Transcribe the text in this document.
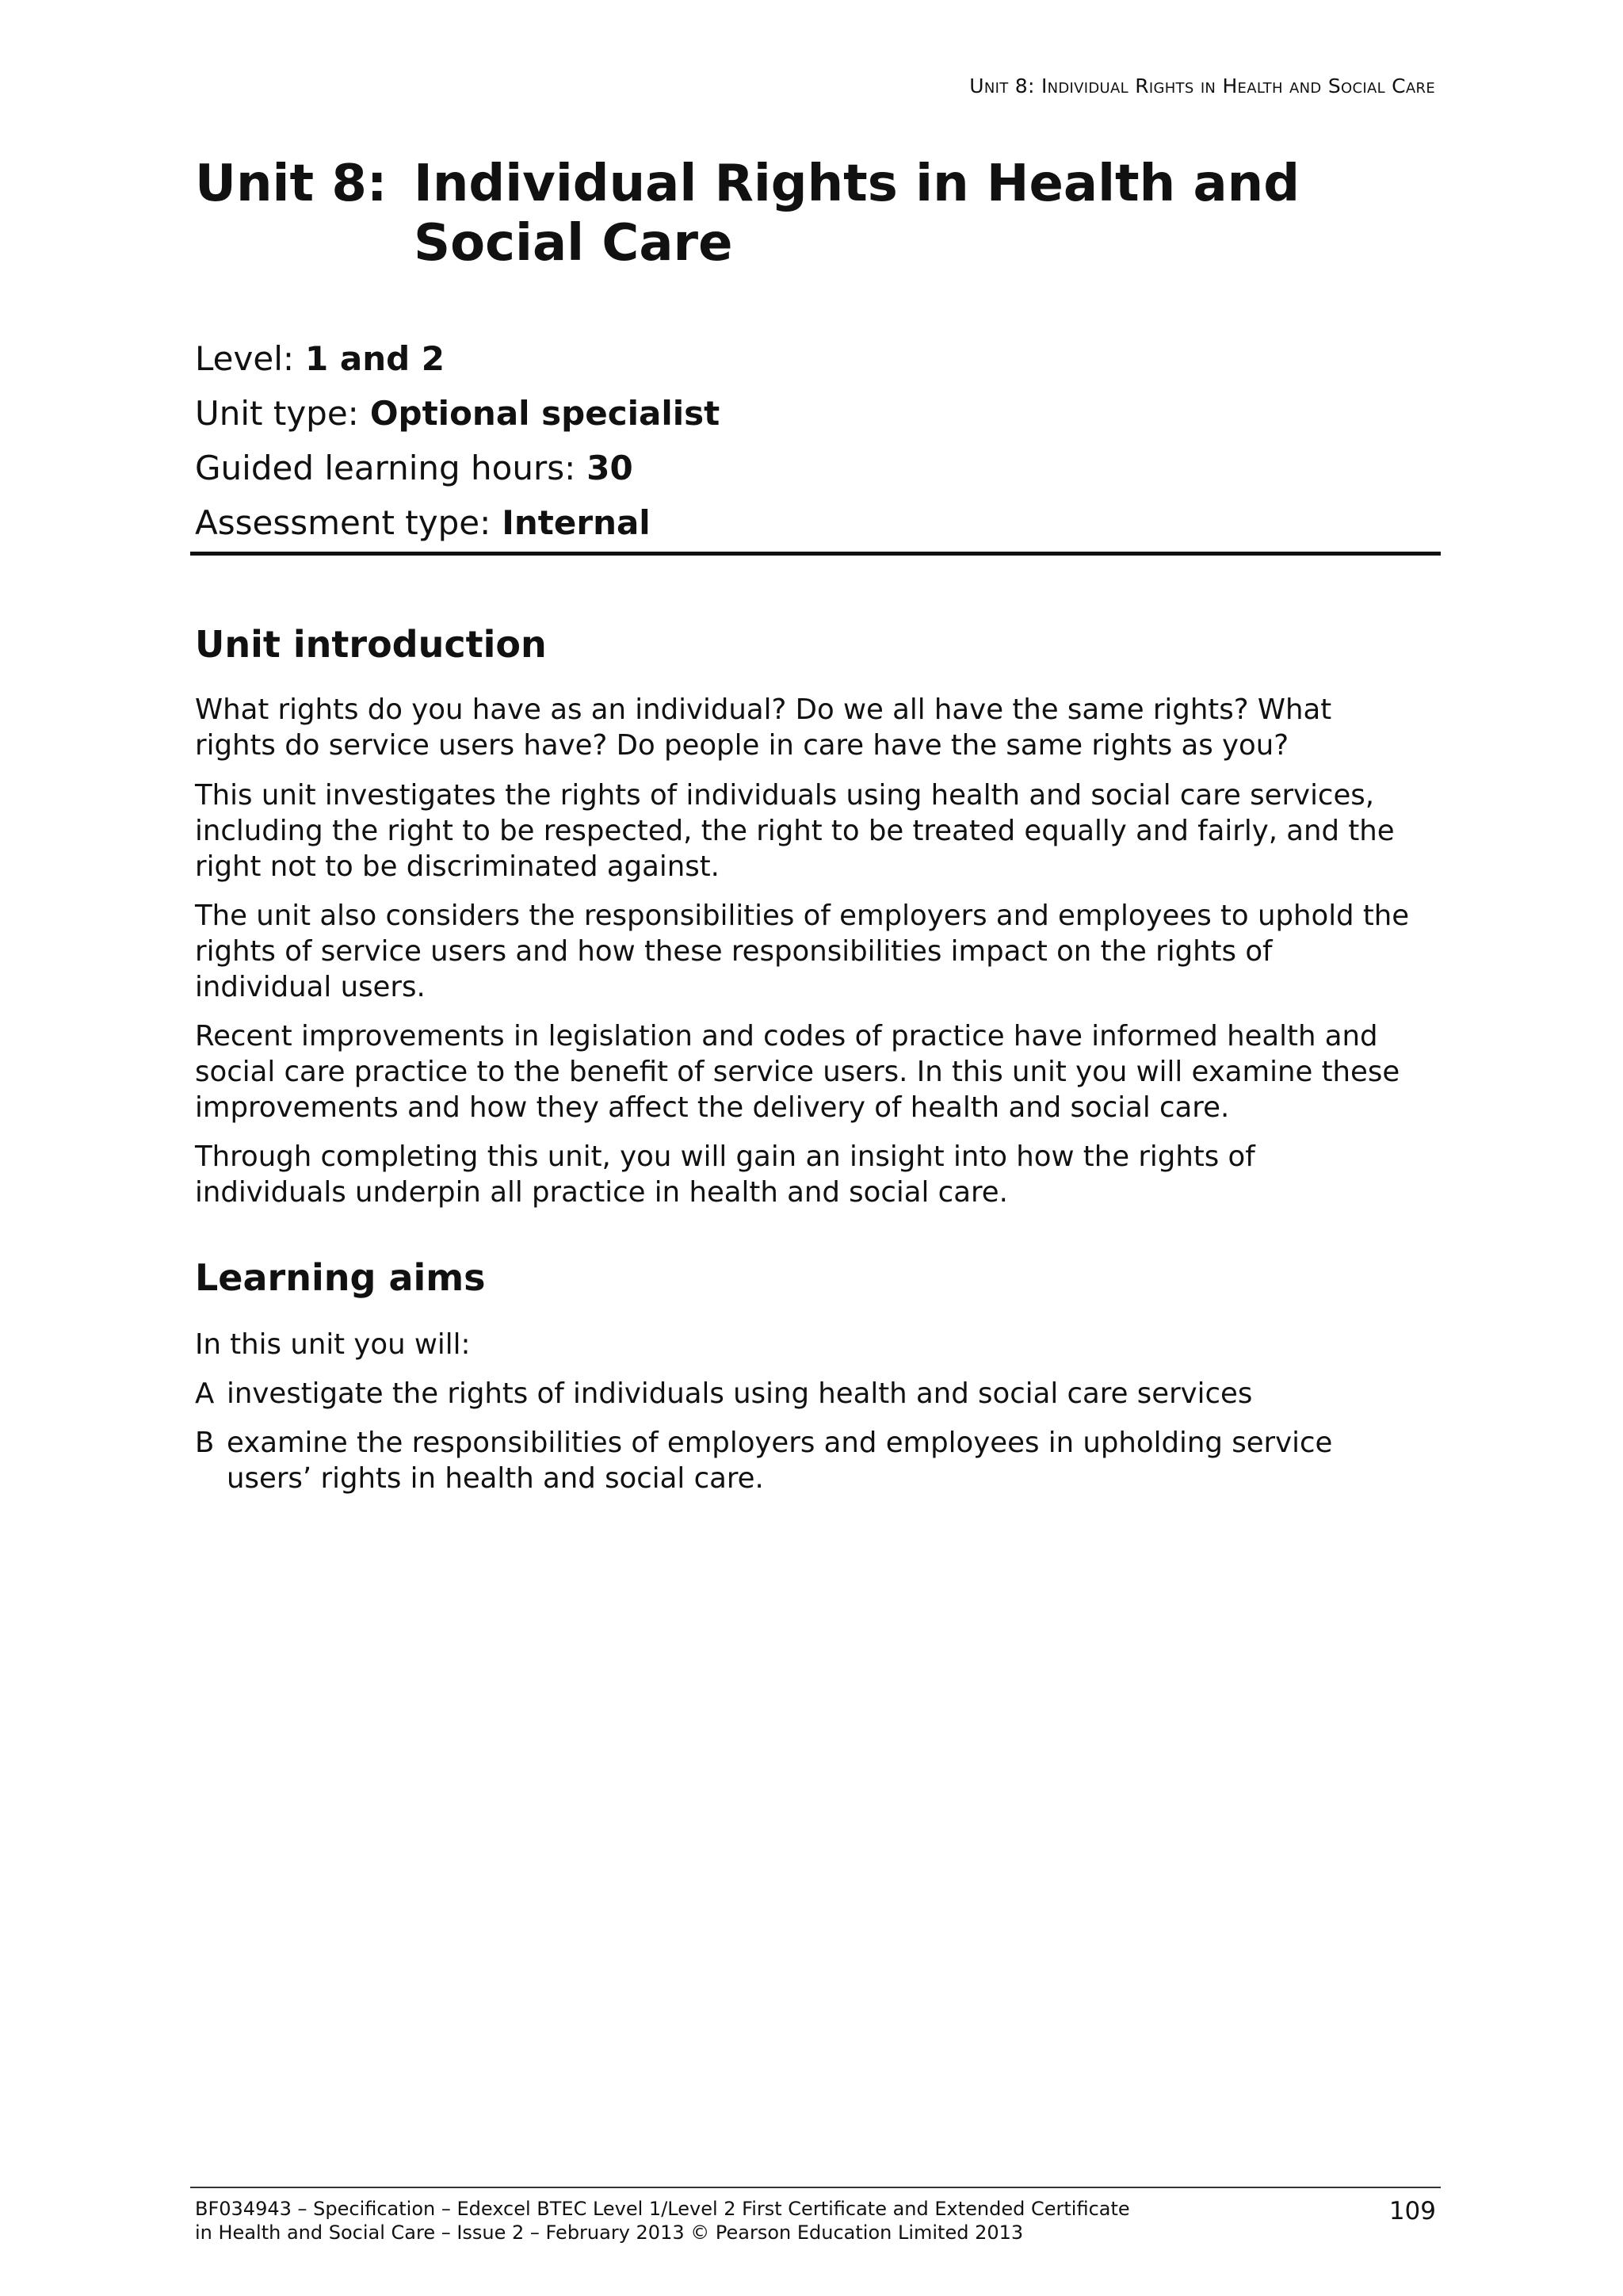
Unit 8: Individual Rights in Health and Social Care
Unit 8: Individual Rights in Health and
Social Care
Level: 1 and 2
Unit type: Optional specialist
Guided learning hours: 30
Assessment type: Internal
Unit introduction
What rights do you have as an individual? Do we all have the same rights? What
rights do service users have? Do people in care have the same rights as you?
This unit investigates the rights of individuals using health and social care services,
including the right to be respected, the right to be treated equally and fairly, and the
right not to be discriminated against.
The unit also considers the responsibilities of employers and employees to uphold the
rights of service users and how these responsibilities impact on the rights of
individual users.
Recent improvements in legislation and codes of practice have informed health and
social care practice to the benefit of service users. In this unit you will examine these
improvements and how they affect the delivery of health and social care.
Through completing this unit, you will gain an insight into how the rights of
individuals underpin all practice in health and social care.
Learning aims
In this unit you will:
A investigate the rights of individuals using health and social care services
B examine the responsibilities of employers and employees in upholding service
users’ rights in health and social care.
BF034943 – Specification – Edexcel BTEC Level 1/Level 2 First Certificate and Extended Certificate
in Health and Social Care – Issue 2 – February 2013 © Pearson Education Limited 2013
109
